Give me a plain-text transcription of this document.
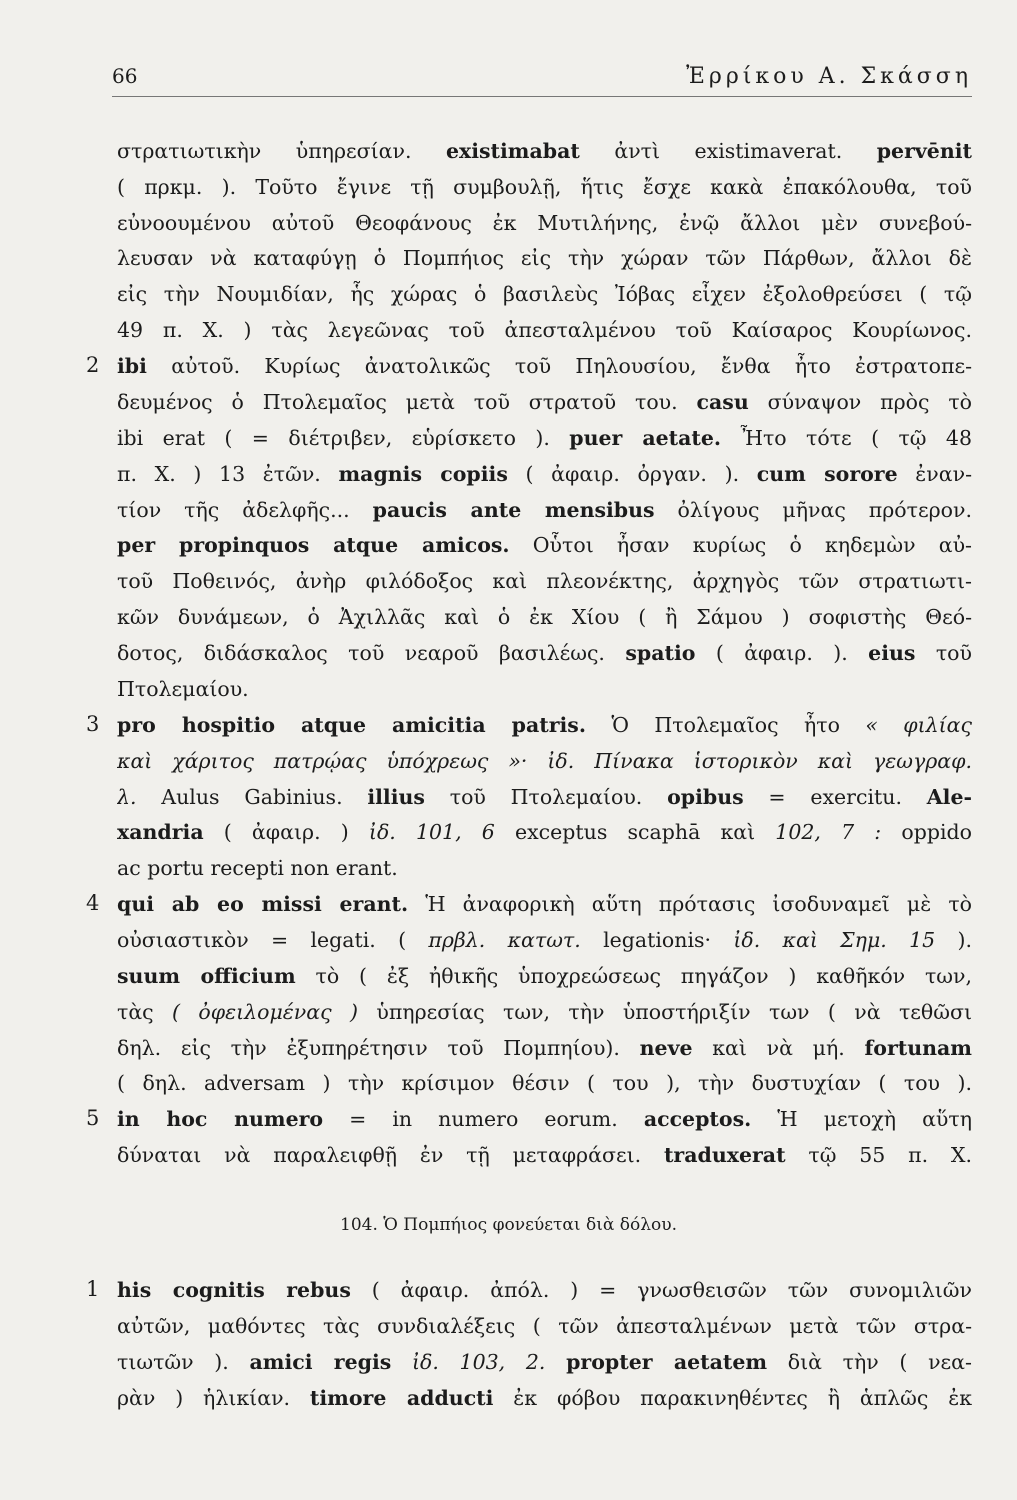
66	Ἐρρίκου Α. Σκάσση
στρατιωτικὴν ὑπηρεσίαν. existimabat ἀντὶ existimaverat. pervēnit
( πρκμ. ). Τοῦτο ἔγινε τῇ συμβουλῇ, ἥτις ἔσχε κακὰ ἐπακόλουθα, τοῦ
εὐνοουμένου αὐτοῦ Θεοφάνους ἐκ Μυτιλήνης, ἐνῷ ἄλλοι μὲν συνεβού-
λευσαν νὰ καταφύγῃ ὁ Πομπήιος εἰς τὴν χώραν τῶν Πάρθων, ἄλλοι δὲ
εἰς τὴν Νουμιδίαν, ἧς χώρας ὁ βασιλεὺς Ἰόβας εἶχεν ἐξολοθρεύσει ( τῷ
49 π. Χ. ) τὰς λεγεῶνας τοῦ ἀπεσταλμένου τοῦ Καίσαρος Κουρίωνος.
2 ibi αὐτοῦ. Κυρίως ἀνατολικῶς τοῦ Πηλουσίου, ἔνθα ἦτο ἐστρατοπε-
δευμένος ὁ Πτολεμαῖος μετὰ τοῦ στρατοῦ του. casu σύναψον πρὸς τὸ
ibi erat ( = διέτριβεν, εὑρίσκετο ). puer aetate. Ἦτο τότε ( τῷ 48
π. Χ. ) 13 ἐτῶν. magnis copiis ( ἀφαιρ. ὀργαν. ). cum sorore ἐναν-
τίον τῆς ἀδελφῆς... paucis ante mensibus ὀλίγους μῆνας πρότερον.
per propinquos atque amicos. Οὗτοι ἦσαν κυρίως ὁ κηδεμὼν αὐ-
τοῦ Ποθεινός, ἀνὴρ φιλόδοξος καὶ πλεονέκτης, ἀρχηγὸς τῶν στρατιωτι-
κῶν δυνάμεων, ὁ Ἀχιλλᾶς καὶ ὁ ἐκ Χίου ( ἢ Σάμου ) σοφιστὴς Θεό-
δοτος, διδάσκαλος τοῦ νεαροῦ βασιλέως. spatio ( ἀφαιρ. ). eius τοῦ
Πτολεμαίου.
3 pro hospitio atque amicitia patris. Ὁ Πτολεμαῖος ἦτο « φιλίας
καὶ χάριτος πατρῴας ὑπόχρεως »· ἰδ. Πίνακα ἱστορικὸν καὶ γεωγραφ.
λ. Aulus Gabinius. illius τοῦ Πτολεμαίου. opibus = exercitu. Ale-
xandria ( ἀφαιρ. ) ἰδ. 101, 6 exceptus scaphā καὶ 102, 7 : oppido
ac portu recepti non erant.
4 qui ab eo missi erant. Ἡ ἀναφορικὴ αὕτη πρότασις ἰσοδυναμεῖ μὲ τὸ
οὐσιαστικὸν = legati. ( πρβλ. κατωτ. legationis· ἰδ. καὶ Σημ. 15 ).
suum officium τὸ ( ἐξ ἠθικῆς ὑποχρεώσεως πηγάζον ) καθῆκόν των,
τὰς ( ὀφειλομένας ) ὑπηρεσίας των, τὴν ὑποστήριξίν των ( νὰ τεθῶσι
δηλ. εἰς τὴν ἐξυπηρέτησιν τοῦ Πομπηίου). neve καὶ νὰ μή. fortunam
( δηλ. adversam ) τὴν κρίσιμον θέσιν ( του ), τὴν δυστυχίαν ( του ).
5 in hoc numero = in numero eorum. acceptos. Ἡ μετοχὴ αὕτη
δύναται νὰ παραλειφθῇ ἐν τῇ μεταφράσει. traduxerat τῷ 55 π. Χ.
104. Ὁ Πομπήιος φονεύεται διὰ δόλου.
1 his cognitis rebus ( ἀφαιρ. ἀπόλ. ) = γνωσθεισῶν τῶν συνομιλιῶν
αὐτῶν, μαθόντες τὰς συνδιαλέξεις ( τῶν ἀπεσταλμένων μετὰ τῶν στρα-
τιωτῶν ). amici regis ἰδ. 103, 2. propter aetatem διὰ τὴν ( νεα-
ρὰν ) ἡλικίαν. timore adducti ἐκ φόβου παρακινηθέντες ἢ ἁπλῶς ἐκ
